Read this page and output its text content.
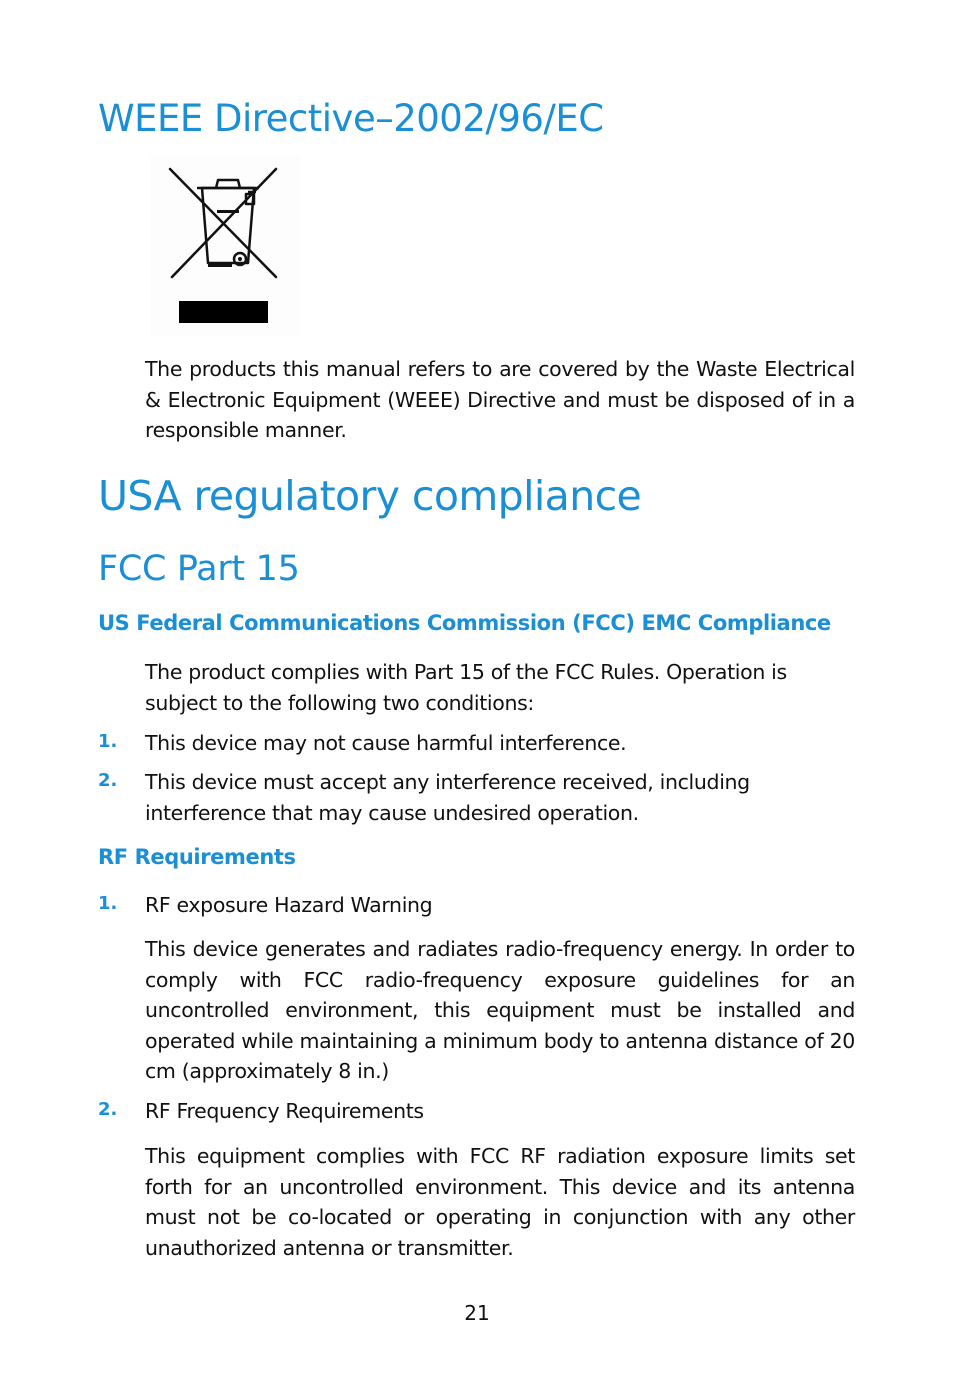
WEEE Directive–2002/96/EC

The products this manual refers to are covered by the Waste Electrical & Electronic Equipment (WEEE) Directive and must be disposed of in a responsible manner.

USA regulatory compliance
FCC Part 15
US Federal Communications Commission (FCC) EMC Compliance

The product complies with Part 15 of the FCC Rules. Operation is subject to the following two conditions:

1. This device may not cause harmful interference.

2. This device must accept any interference received, including interference that may cause undesired operation.

RF Requirements
1. RF exposure Hazard Warning

This device generates and radiates radio-frequency energy. In order to comply with FCC radio-frequency exposure guidelines for an uncontrolled environment, this equipment must be installed and operated while maintaining a minimum body to antenna distance of 20 cm (approximately 8 in.)

2. RF Frequency Requirements

This equipment complies with FCC RF radiation exposure limits set forth for an uncontrolled environment. This device and its antenna must not be co-located or operating in conjunction with any other unauthorized antenna or transmitter.

21
